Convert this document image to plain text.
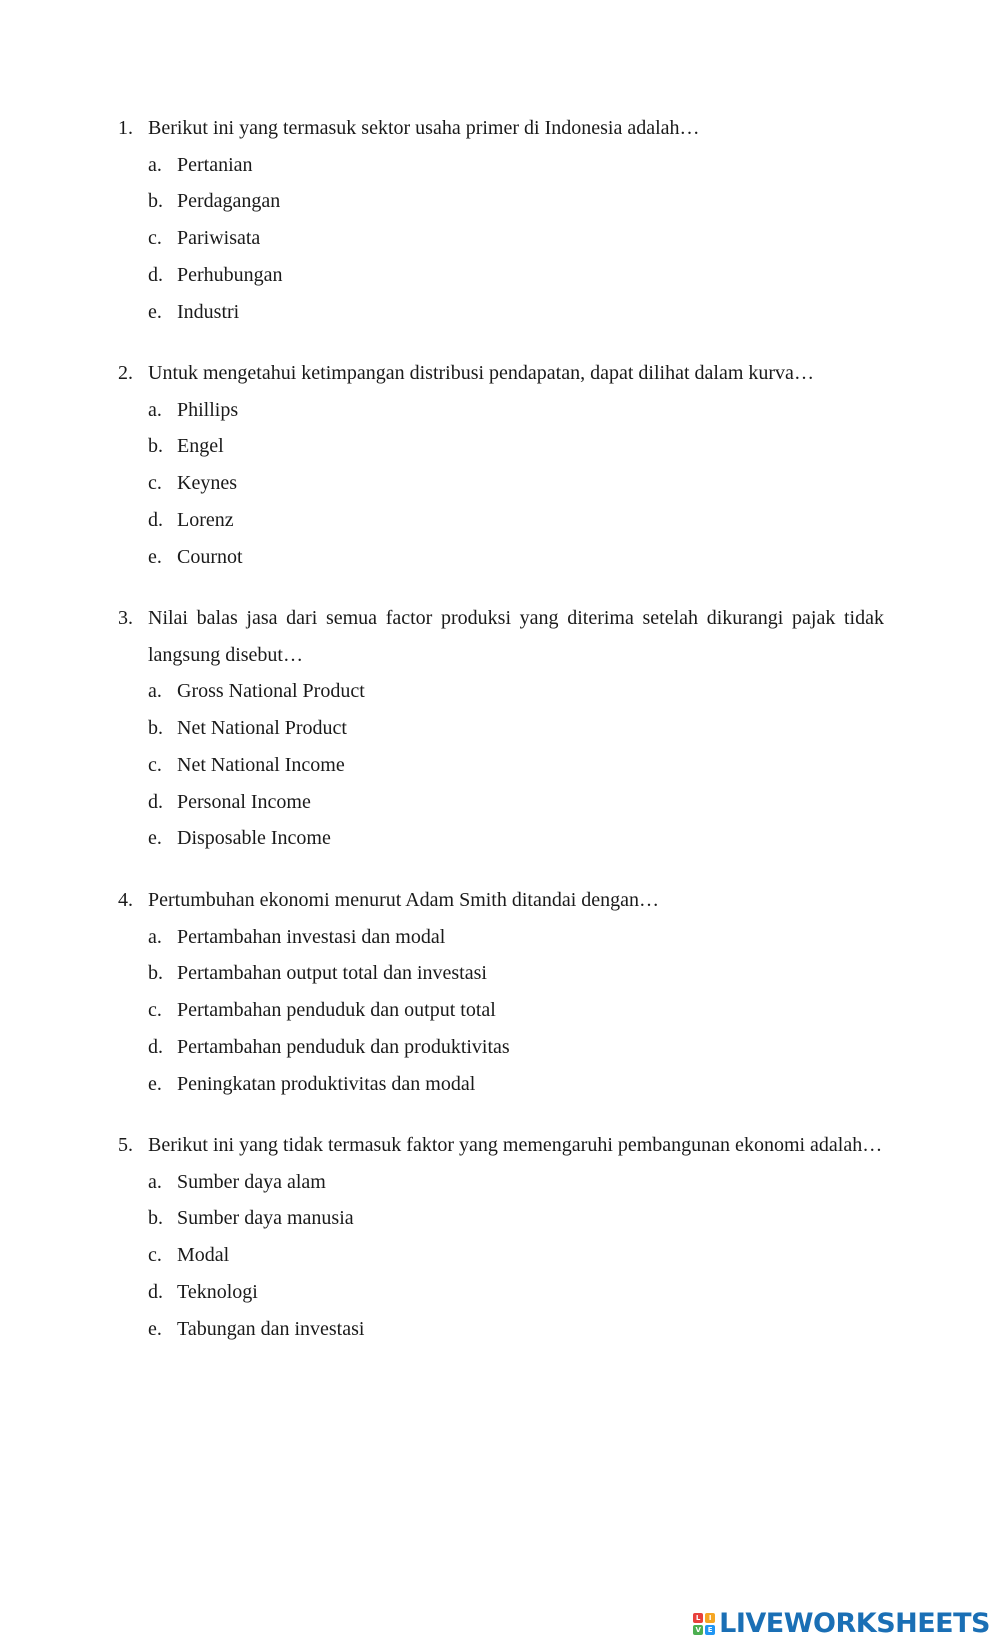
1. Berikut ini yang termasuk sektor usaha primer di Indonesia adalah…
a. Pertanian
b. Perdagangan
c. Pariwisata
d. Perhubungan
e. Industri
2. Untuk mengetahui ketimpangan distribusi pendapatan, dapat dilihat dalam kurva…
a. Phillips
b. Engel
c. Keynes
d. Lorenz
e. Cournot
3. Nilai balas jasa dari semua factor produksi yang diterima setelah dikurangi pajak tidak langsung disebut…
a. Gross National Product
b. Net National Product
c. Net National Income
d. Personal Income
e. Disposable Income
4. Pertumbuhan ekonomi menurut Adam Smith ditandai dengan…
a. Pertambahan investasi dan modal
b. Pertambahan output total dan investasi
c. Pertambahan penduduk dan output total
d. Pertambahan penduduk dan produktivitas
e. Peningkatan produktivitas dan modal
5. Berikut ini yang tidak termasuk faktor yang memengaruhi pembangunan ekonomi adalah…
a. Sumber daya alam
b. Sumber daya manusia
c. Modal
d. Teknologi
e. Tabungan dan investasi
L	I
V E LIVEWORKSHEETS
